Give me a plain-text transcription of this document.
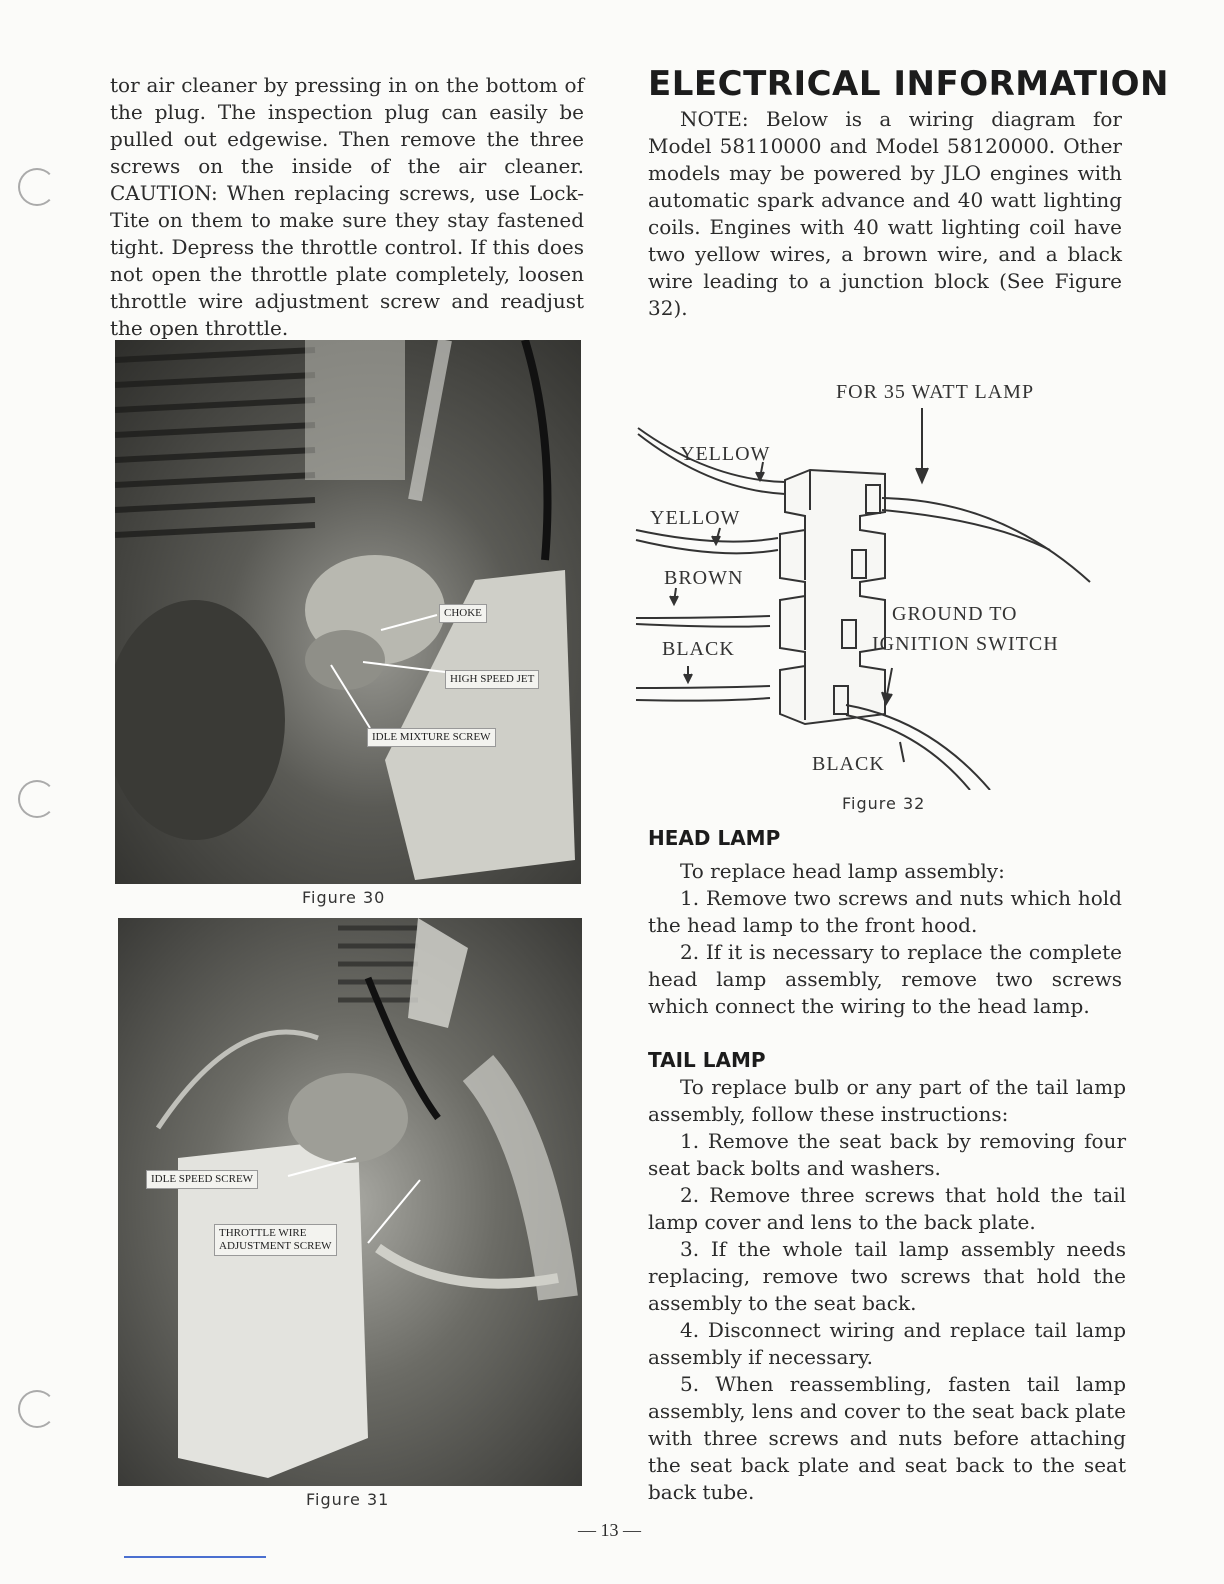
tor air cleaner by pressing in on the bottom of the plug. The inspection plug can easily be pulled out edgewise. Then remove the three screws on the inside of the air cleaner. CAUTION: When replacing screws, use Lock-Tite on them to make sure they stay fastened tight. Depress the throttle control. If this does not open the throttle plate completely, loosen throttle wire adjustment screw and readjust the open throttle.

CHOKE
HIGH SPEED JET
IDLE MIXTURE SCREW
Figure 30
IDLE SPEED SCREW
THROTTLE WIRE
ADJUSTMENT SCREW
Figure 31
ELECTRICAL INFORMATION

NOTE: Below is a wiring diagram for Model 58110000 and Model 58120000. Other models may be powered by JLO engines with automatic spark advance and 40 watt lighting coils. Engines with 40 watt lighting coil have two yellow wires, a brown wire, and a black wire leading to a junction block (See Figure 32).

FOR 35 WATT LAMP
YELLOW
YELLOW
BROWN
BLACK
GROUND TO
IGNITION SWITCH
BLACK
Figure 32
HEAD LAMP

To replace head lamp assembly:

1. Remove two screws and nuts which hold the head lamp to the front hood.

2. If it is necessary to replace the complete head lamp assembly, remove two screws which connect the wiring to the head lamp.

TAIL LAMP

To replace bulb or any part of the tail lamp assembly, follow these instructions:

1. Remove the seat back by removing four seat back bolts and washers.

2. Remove three screws that hold the tail lamp cover and lens to the back plate.

3. If the whole tail lamp assembly needs replacing, remove two screws that hold the assembly to the seat back.

4. Disconnect wiring and replace tail lamp assembly if necessary.

5. When reassembling, fasten tail lamp assembly, lens and cover to the seat back plate with three screws and nuts before attaching the seat back plate and seat back to the seat back tube.

— 13 —
